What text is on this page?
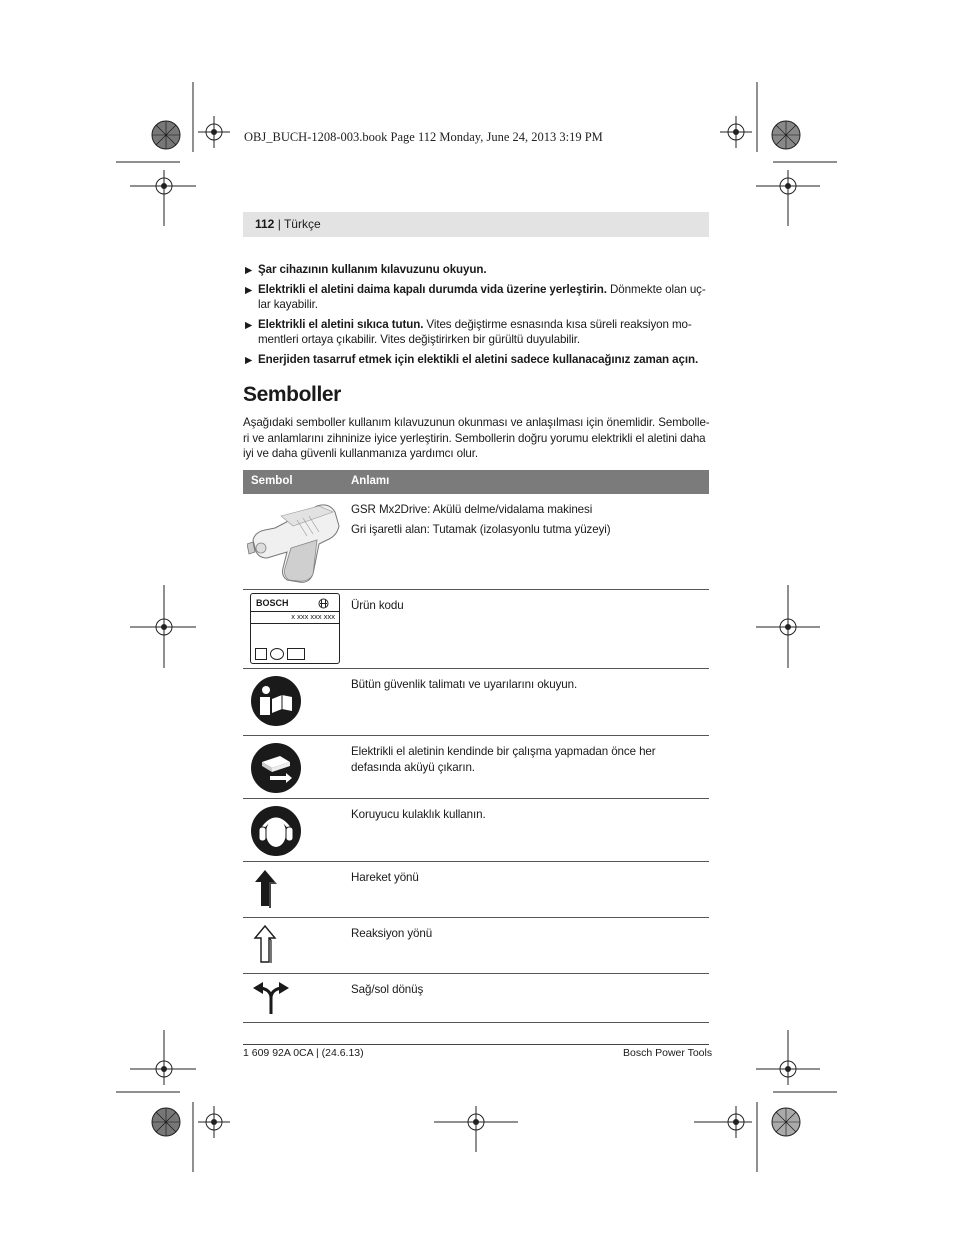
OBJ_BUCH-1208-003.book Page 112 Monday, June 24, 2013 3:19 PM
112 | Türkçe
▶ Şar cihazının kullanım kılavuzunu okuyun.
▶ Elektrikli el aletini daima kapalı durumda vida üzerine yerleştirin. Dönmekte olan uç-lar kayabilir.
▶ Elektrikli el aletini sıkıca tutun. Vites değiştirme esnasında kısa süreli reaksiyon mo-mentleri ortaya çıkabilir. Vites değiştirirken bir gürültü duyulabilir.
▶ Enerjiden tasarruf etmek için elektikli el aletini sadece kullanacağınız zaman açın.
Semboller
Aşağıdaki semboller kullanım kılavuzunun okunması ve anlaşılması için önemlidir. Sembolle-ri ve anlamlarını zihninize iyice yerleştirin. Sembollerin doğru yorumu elektrikli el aletini daha iyi ve daha güvenli kullanmanıza yardımcı olur.
Sembol	Anlamı
GSR Mx2Drive: Akülü delme/vidalama makinesi
Gri işaretli alan: Tutamak (izolasyonlu tutma yüzeyi)
BOSCH
x xxx xxx xxx
Ürün kodu
Bütün güvenlik talimatı ve uyarılarını okuyun.
Elektrikli el aletinin kendinde bir çalışma yapmadan önce her defasında aküyü çıkarın.
Koruyucu kulaklık kullanın.
Hareket yönü
Reaksiyon yönü
Sağ/sol dönüş
1 609 92A 0CA | (24.6.13)	Bosch Power Tools
